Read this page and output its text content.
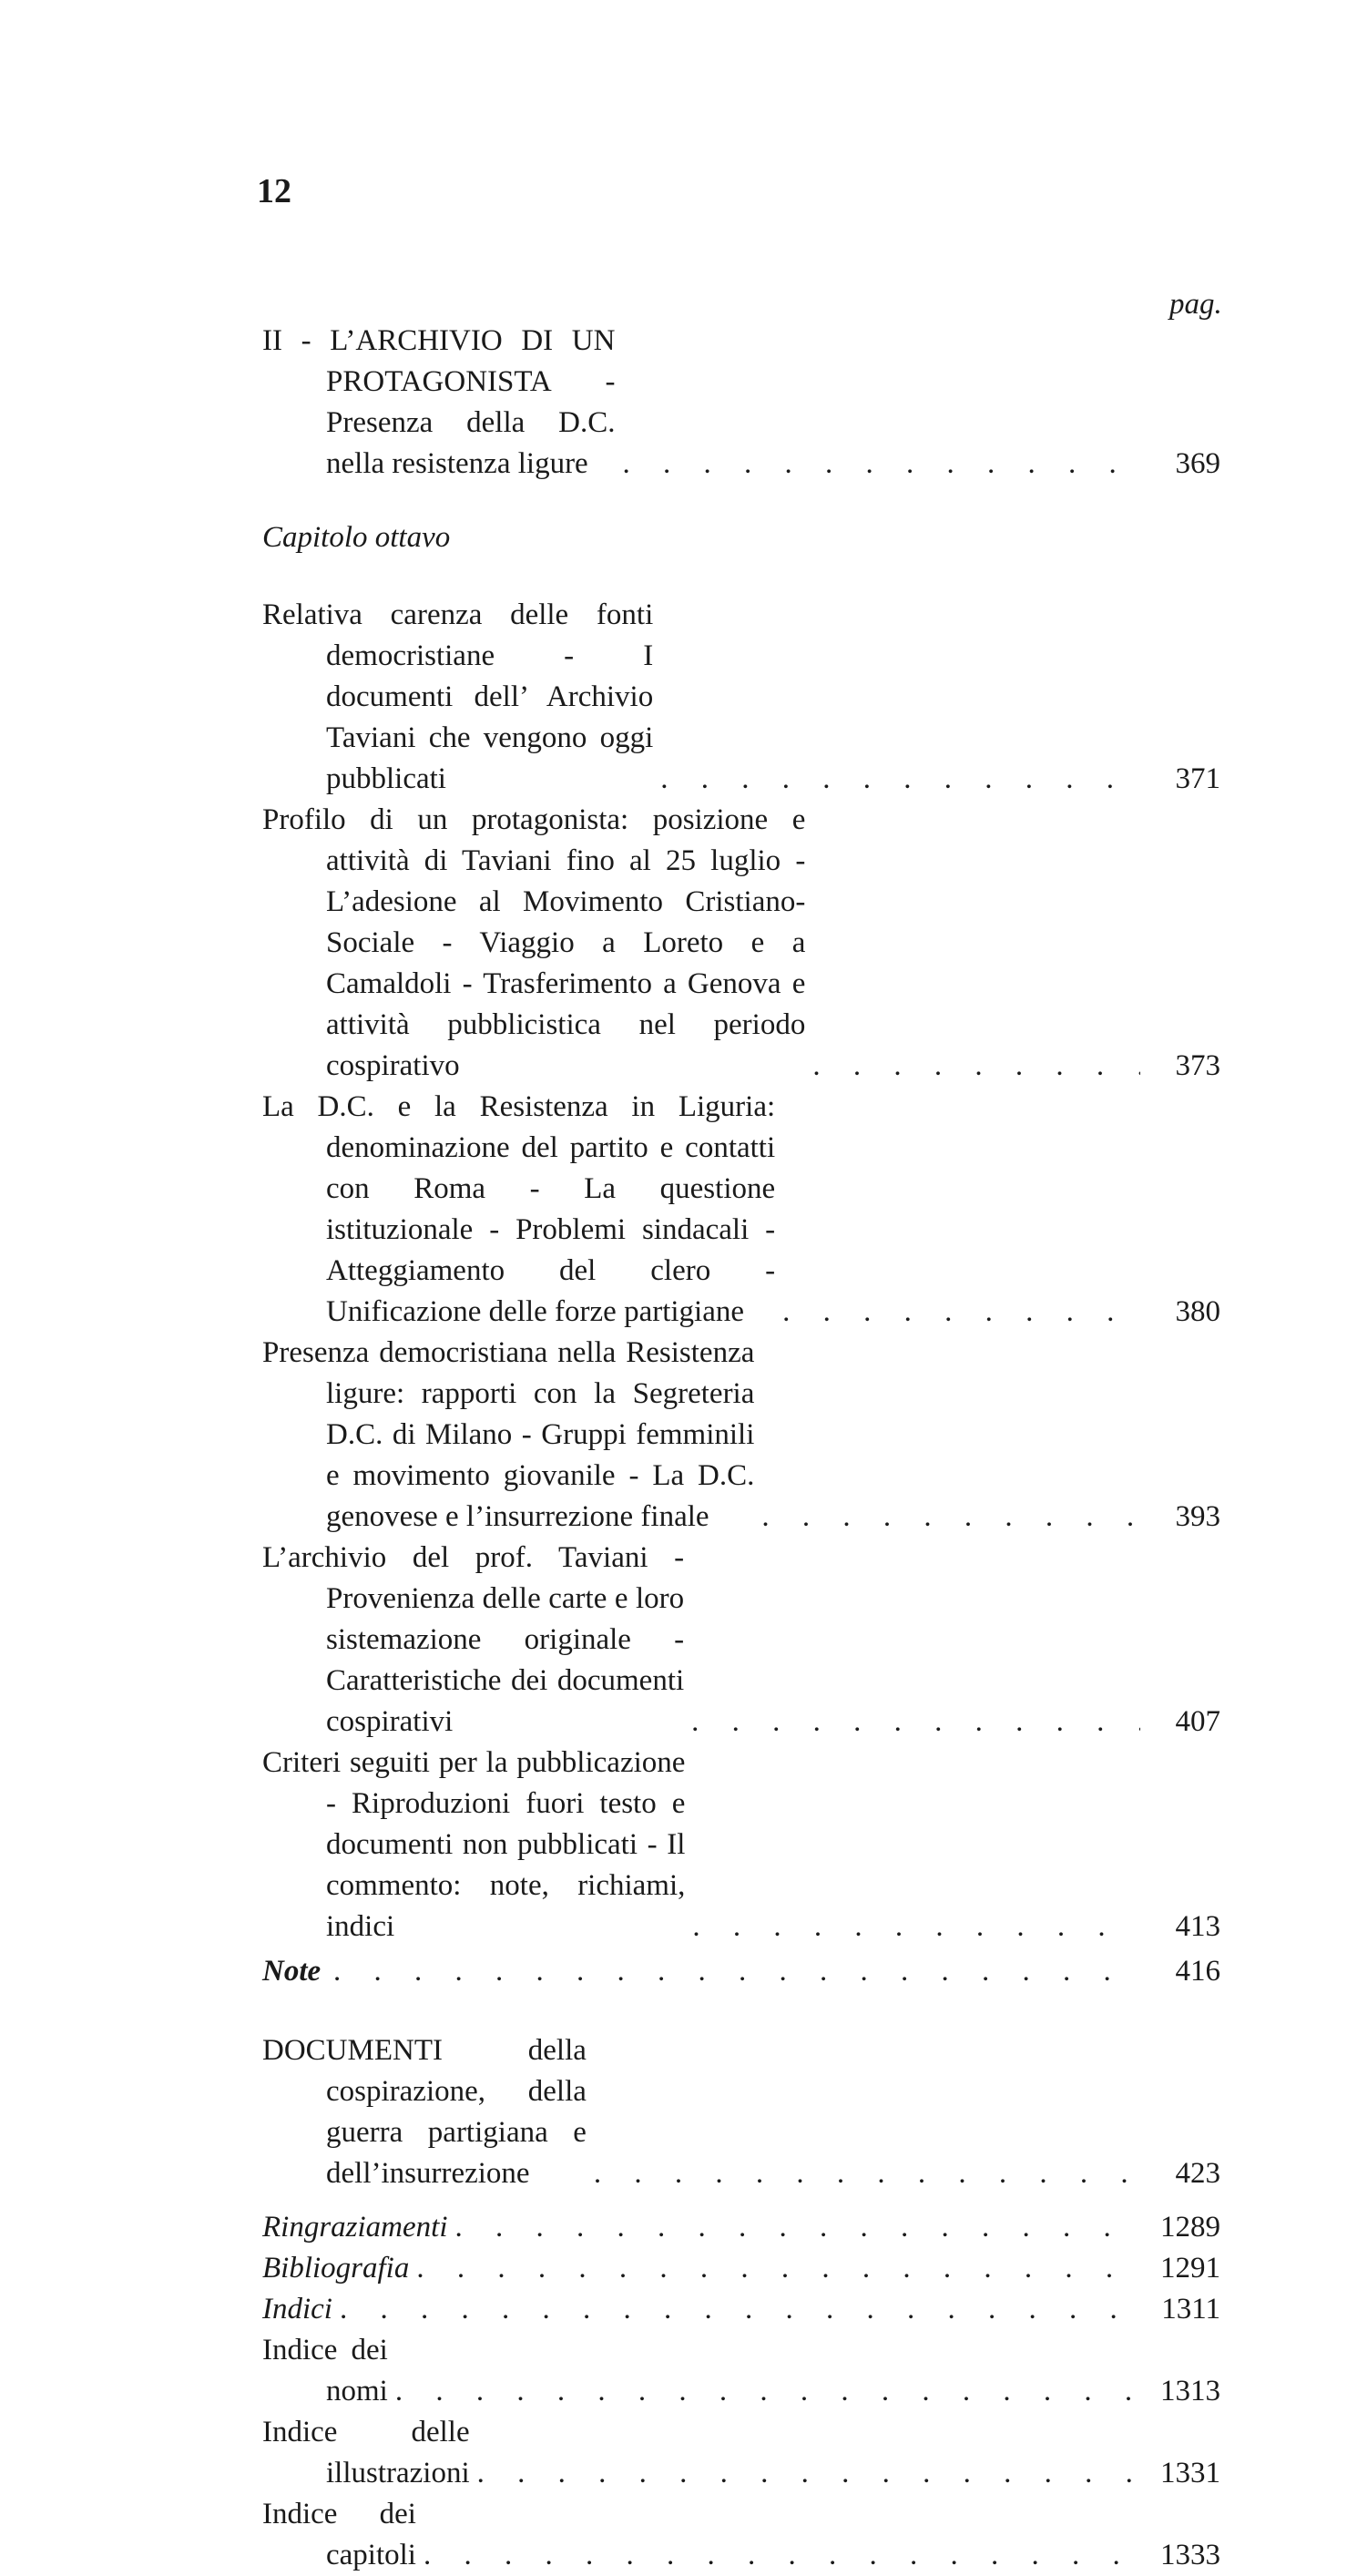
12
pag.
II - L’ARCHIVIO DI UN PROTAGONISTA - Presenza della D.C. nella resistenza ligure . . .	369
Capitolo ottavo
Relativa carenza delle fonti democristiane - I documenti dell’ Archivio Taviani che vengono oggi pubblicati . . .	371
Profilo di un protagonista: posizione e attività di Taviani fino al 25 luglio - L’adesione al Movimento Cristiano-Sociale - Viaggio a Loreto e a Camaldoli - Trasferimento a Genova e attività pubblicistica nel periodo cospirativo . . .	373
La D.C. e la Resistenza in Liguria: denominazione del partito e contatti con Roma - La questione istituzionale - Problemi sindacali - Atteggiamento del clero - Unificazione delle forze partigiane . . .	380
Presenza democristiana nella Resistenza ligure: rapporti con la Segreteria D.C. di Milano - Gruppi femminili e movimento giovanile - La D.C. genovese e l’insurrezione finale . . .	393
L’archivio del prof. Taviani - Provenienza delle carte e loro sistemazione originale - Caratteristiche dei documenti cospirativi . . .	407
Criteri seguiti per la pubblicazione - Riproduzioni fuori testo e documenti non pubblicati - Il commento: note, richiami, indici . . .	413
Note . . .	416
DOCUMENTI della cospirazione, della guerra partigiana e dell’insurrezione . . .	423
Ringraziamenti . . .	1289
Bibliografia . . .	1291
Indici . . .	1311
Indice dei nomi . . .	1313
Indice delle illustrazioni . . .	1331
Indice dei capitoli . . .	1333
